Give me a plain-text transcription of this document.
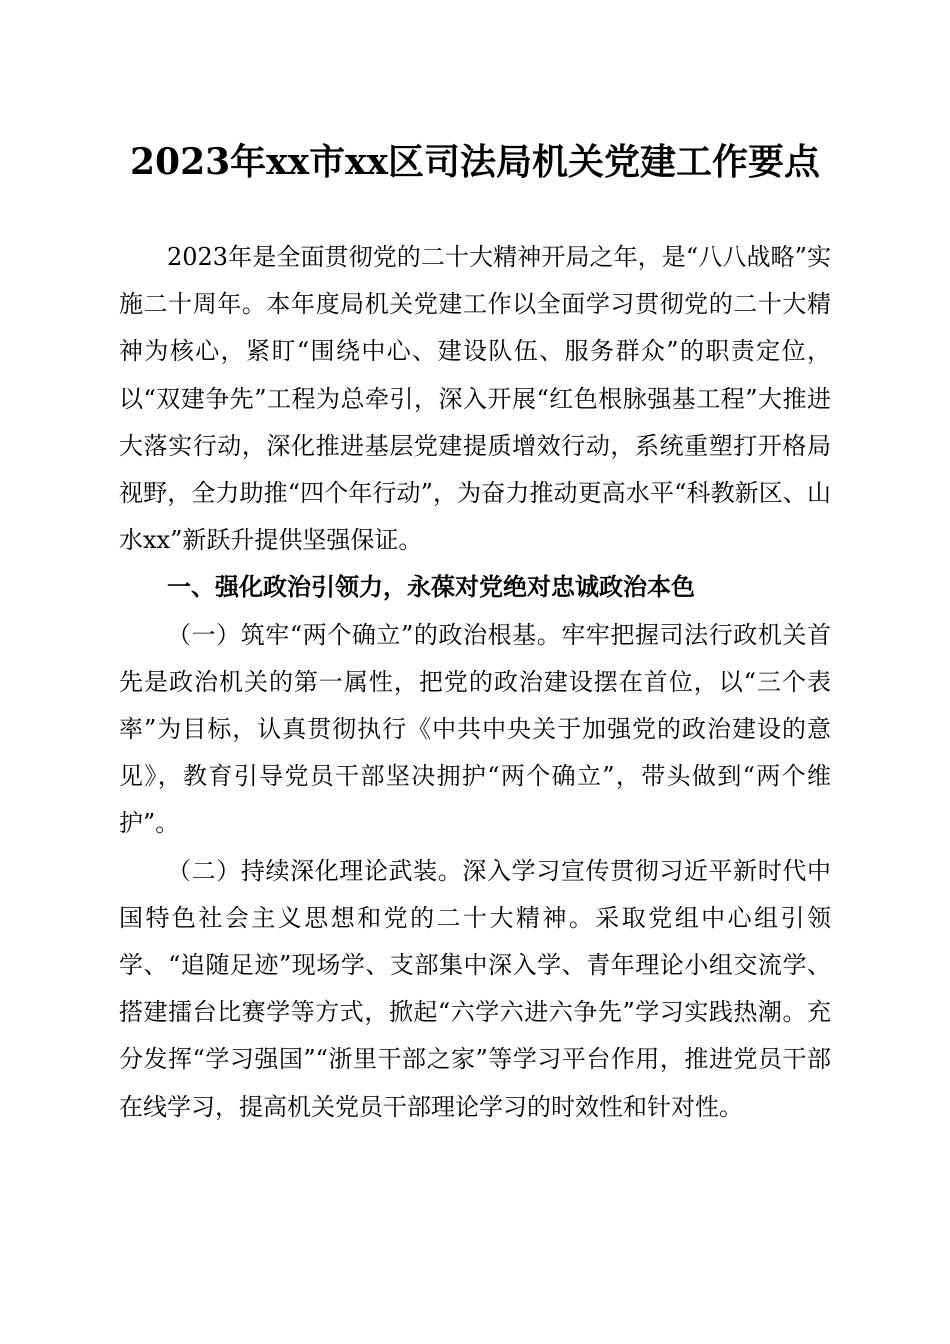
2023年xx市xx区司法局机关党建工作要点

2023年是全面贯彻党的二十大精神开局之年，是“八八战略”实施二十周年。本年度局机关党建工作以全面学习贯彻党的二十大精神为核心，紧盯“围绕中心、建设队伍、服务群众”的职责定位，以“双建争先”工程为总牵引，深入开展“红色根脉强基工程”大推进大落实行动，深化推进基层党建提质增效行动，系统重塑打开格局视野，全力助推“四个年行动”，为奋力推动更高水平“科教新区、山水xx”新跃升提供坚强保证。

一、强化政治引领力，永葆对党绝对忠诚政治本色

（一）筑牢“两个确立”的政治根基。牢牢把握司法行政机关首先是政治机关的第一属性，把党的政治建设摆在首位，以“三个表率”为目标，认真贯彻执行《中共中央关于加强党的政治建设的意见》，教育引导党员干部坚决拥护“两个确立”，带头做到“两个维护”。

（二）持续深化理论武装。深入学习宣传贯彻习近平新时代中国特色社会主义思想和党的二十大精神。采取党组中心组引领学、“追随足迹”现场学、支部集中深入学、青年理论小组交流学、搭建擂台比赛学等方式，掀起“六学六进六争先”学习实践热潮。充分发挥“学习强国”“浙里干部之家”等学习平台作用，推进党员干部在线学习，提高机关党员干部理论学习的时效性和针对性。
